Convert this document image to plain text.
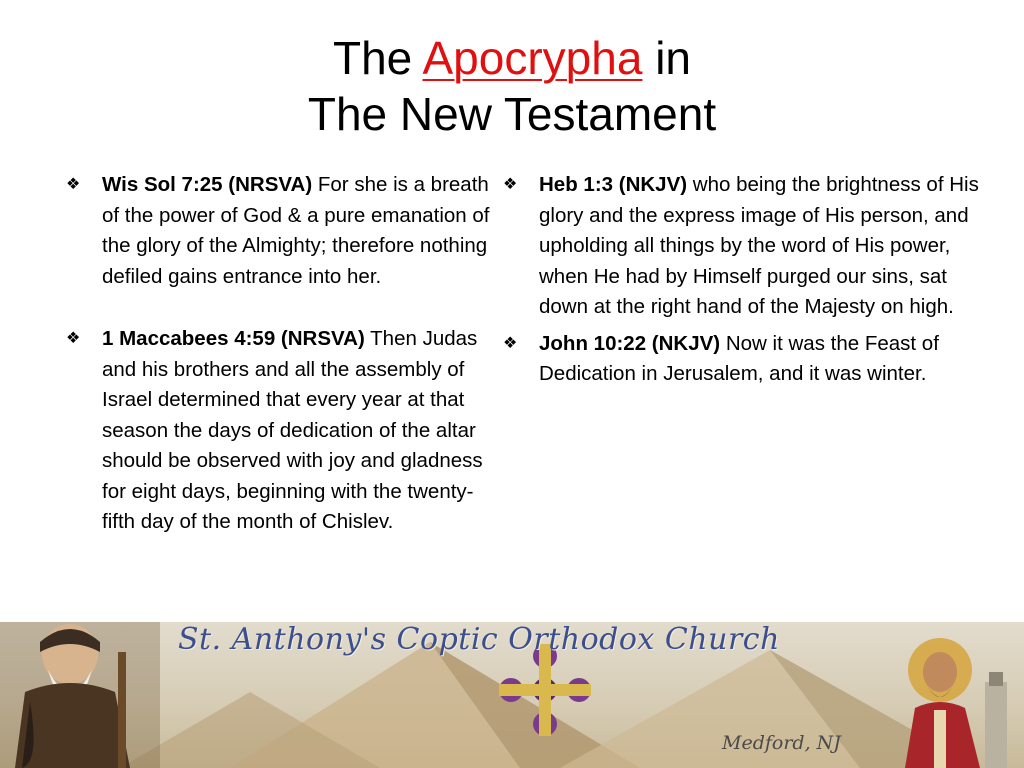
The Apocrypha in
The New Testament
❖ Wis Sol 7:25 (NRSVA) For she is a breath of the power of God & a pure emanation of the glory of the Almighty; therefore nothing defiled gains entrance into her.
❖ 1 Maccabees 4:59 (NRSVA) Then Judas and his brothers and all the assembly of Israel determined that every year at that season the days of dedication of the altar should be observed with joy and gladness for eight days, beginning with the twenty-fifth day of the month of Chislev.
❖ Heb 1:3 (NKJV) who being the brightness of His glory and the express image of His person, and upholding all things by the word of His power, when He had by Himself purged our sins, sat down at the right hand of the Majesty on high.
❖ John 10:22 (NKJV) Now it was the Feast of Dedication in Jerusalem, and it was winter.
St. Anthony's Coptic Orthodox Church
Medford, NJ
